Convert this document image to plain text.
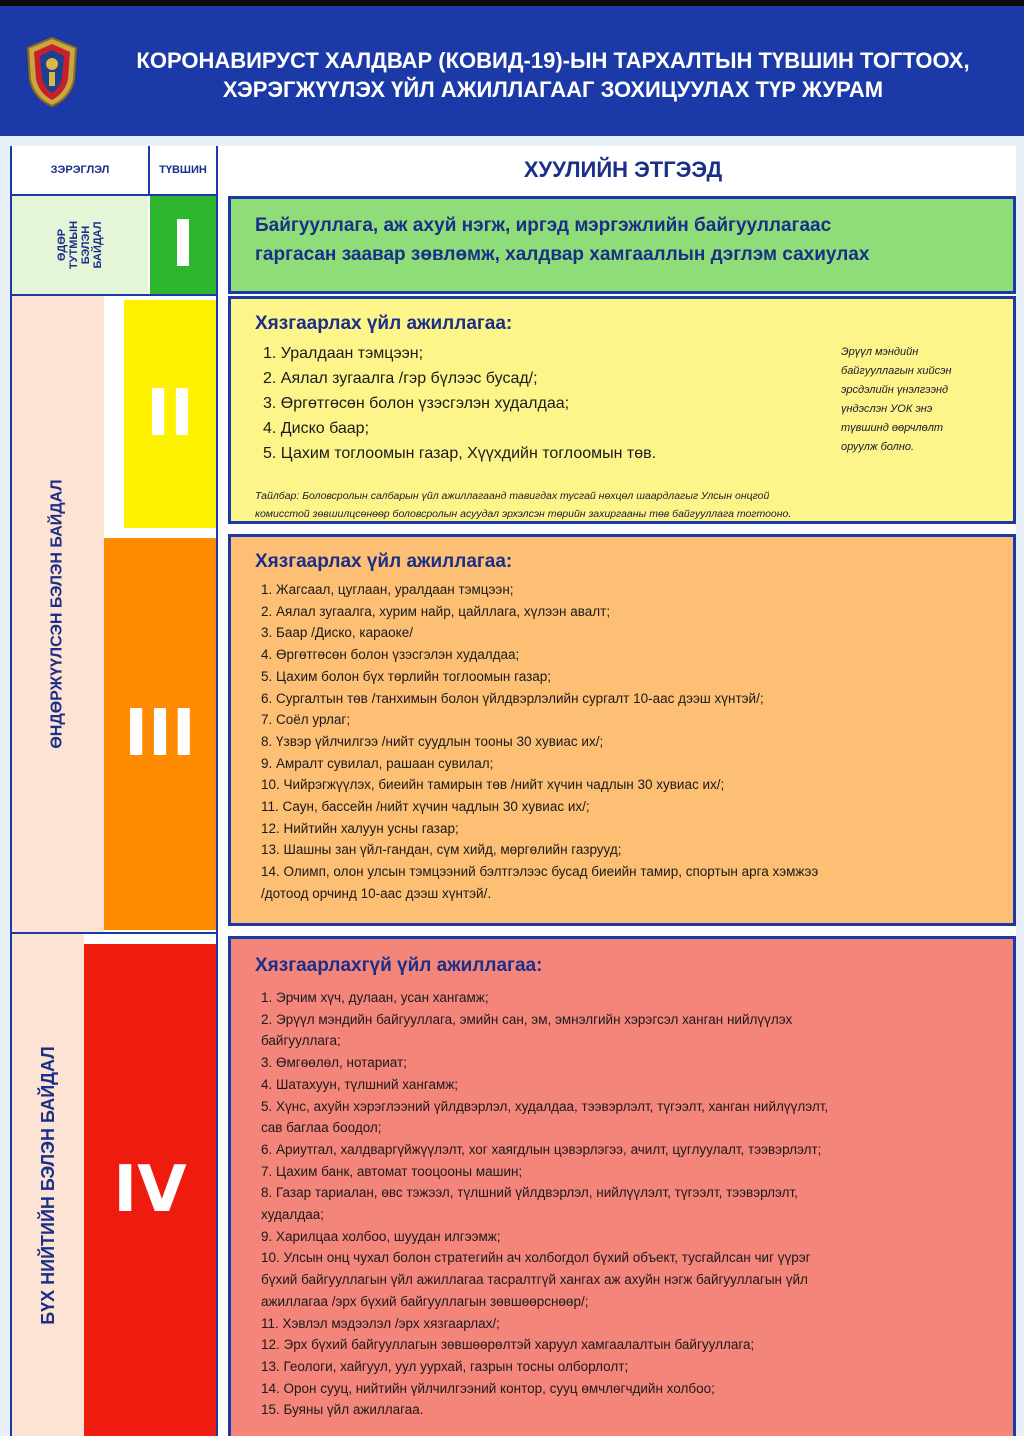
КОРОНАВИРУСТ ХАЛДВАР (КОВИД-19)-ЫН ТАРХАЛТЫН ТҮВШИН ТОГТООХ,
ХЭРЭГЖҮҮЛЭХ ҮЙЛ АЖИЛЛАГААГ ЗОХИЦУУЛАХ ТҮР ЖУРАМ
ЗЭРЭГЛЭЛ	ТҮВШИН	ХУУЛИЙН ЭТГЭЭД
ӨДӨР ТУТМЫН БЭЛЭН БАЙДАЛ
ӨНДӨРЖҮҮЛСЭН БЭЛЭН БАЙДАЛ
БҮХ НИЙТИЙН БЭЛЭН БАЙДАЛ
I
II
III
IV
Байгууллага, аж ахуй нэгж, иргэд мэргэжлийн байгууллагаас
гаргасан заавар зөвлөмж, халдвар хамгааллын дэглэм сахиулах
Хязгаарлах үйл ажиллагаа:
1. Уралдаан тэмцээн;
2. Аялал зугаалга /гэр бүлээс бусад/;
3. Өргөтгөсөн болон үзэсгэлэн худалдаа;
4. Диско баар;
5. Цахим тоглоомын газар, Хүүхдийн тоглоомын төв.
Эрүүл мэндийн
байгууллагын хийсэн
эрсдэлийн үнэлгээнд
үндэслэн УОК энэ
түвшинд өөрчлөлт
оруулж болно.
Тайлбар: Боловсролын салбарын үйл ажиллагаанд тавигдах тусгай нөхцөл шаардлагыг Улсын онцгой
комисстой зөвшилцсөнөөр боловсролын асуудал эрхэлсэн төрийн захиргааны төв байгууллага тогтооно.
Хязгаарлах үйл ажиллагаа:
1. Жагсаал, цуглаан, уралдаан тэмцээн;
2. Аялал зугаалга, хурим найр, цайллага, хүлээн авалт;
3. Баар /Диско, караоке/
4. Өргөтгөсөн болон үзэсгэлэн худалдаа;
5. Цахим болон бүх төрлийн тоглоомын газар;
6. Сургалтын төв /танхимын болон үйлдвэрлэлийн сургалт 10-аас дээш хүнтэй/;
7. Соёл урлаг;
8. Үзвэр үйлчилгээ /нийт суудлын тооны 30 хувиас их/;
9. Амралт сувилал, рашаан сувилал;
10. Чийрэгжүүлэх, биеийн тамирын төв /нийт хүчин чадлын 30 хувиас их/;
11. Саун, бассейн /нийт хүчин чадлын 30 хувиас их/;
12. Нийтийн халуун усны газар;
13. Шашны зан үйл-гандан, сүм хийд, мөргөлийн газрууд;
14. Олимп, олон улсын тэмцээний бэлтгэлээс бусад биеийн тамир, спортын арга хэмжээ
/дотоод орчинд 10-аас дээш хүнтэй/.
Хязгаарлахгүй үйл ажиллагаа:
1. Эрчим хүч, дулаан, усан хангамж;
2. Эрүүл мэндийн байгууллага, эмийн сан, эм, эмнэлгийн хэрэгсэл ханган нийлүүлэх
байгууллага;
3. Өмгөөлөл, нотариат;
4. Шатахуун, түлшний хангамж;
5. Хүнс, ахуйн хэрэглээний үйлдвэрлэл, худалдаа, тээвэрлэлт, түгээлт, ханган нийлүүлэлт,
сав баглаа боодол;
6. Ариутгал, халдваргүйжүүлэлт, хог хаягдлын цэвэрлэгээ, ачилт, цуглуулалт, тээвэрлэлт;
7. Цахим банк, автомат тооцооны машин;
8. Газар тариалан, өвс тэжээл, түлшний үйлдвэрлэл, нийлүүлэлт, түгээлт, тээвэрлэлт,
худалдаа;
9. Харилцаа холбоо, шуудан илгээмж;
10. Улсын онц чухал болон стратегийн ач холбогдол бүхий объект, тусгайлсан чиг үүрэг
бүхий байгууллагын үйл ажиллагаа тасралтгүй хангах аж ахуйн нэгж байгууллагын үйл
ажиллагаа /эрх бүхий байгууллагын зөвшөөрснөөр/;
11. Хэвлэл мэдээлэл /эрх хязгаарлах/;
12. Эрх бүхий байгууллагын зөвшөөрөлтэй харуул хамгаалалтын байгууллага;
13. Геологи, хайгуул, уул уурхай, газрын тосны олборлолт;
14. Орон сууц, нийтийн үйлчилгээний контор, сууц өмчлөгчдийн холбоо;
15. Буяны үйл ажиллагаа.
